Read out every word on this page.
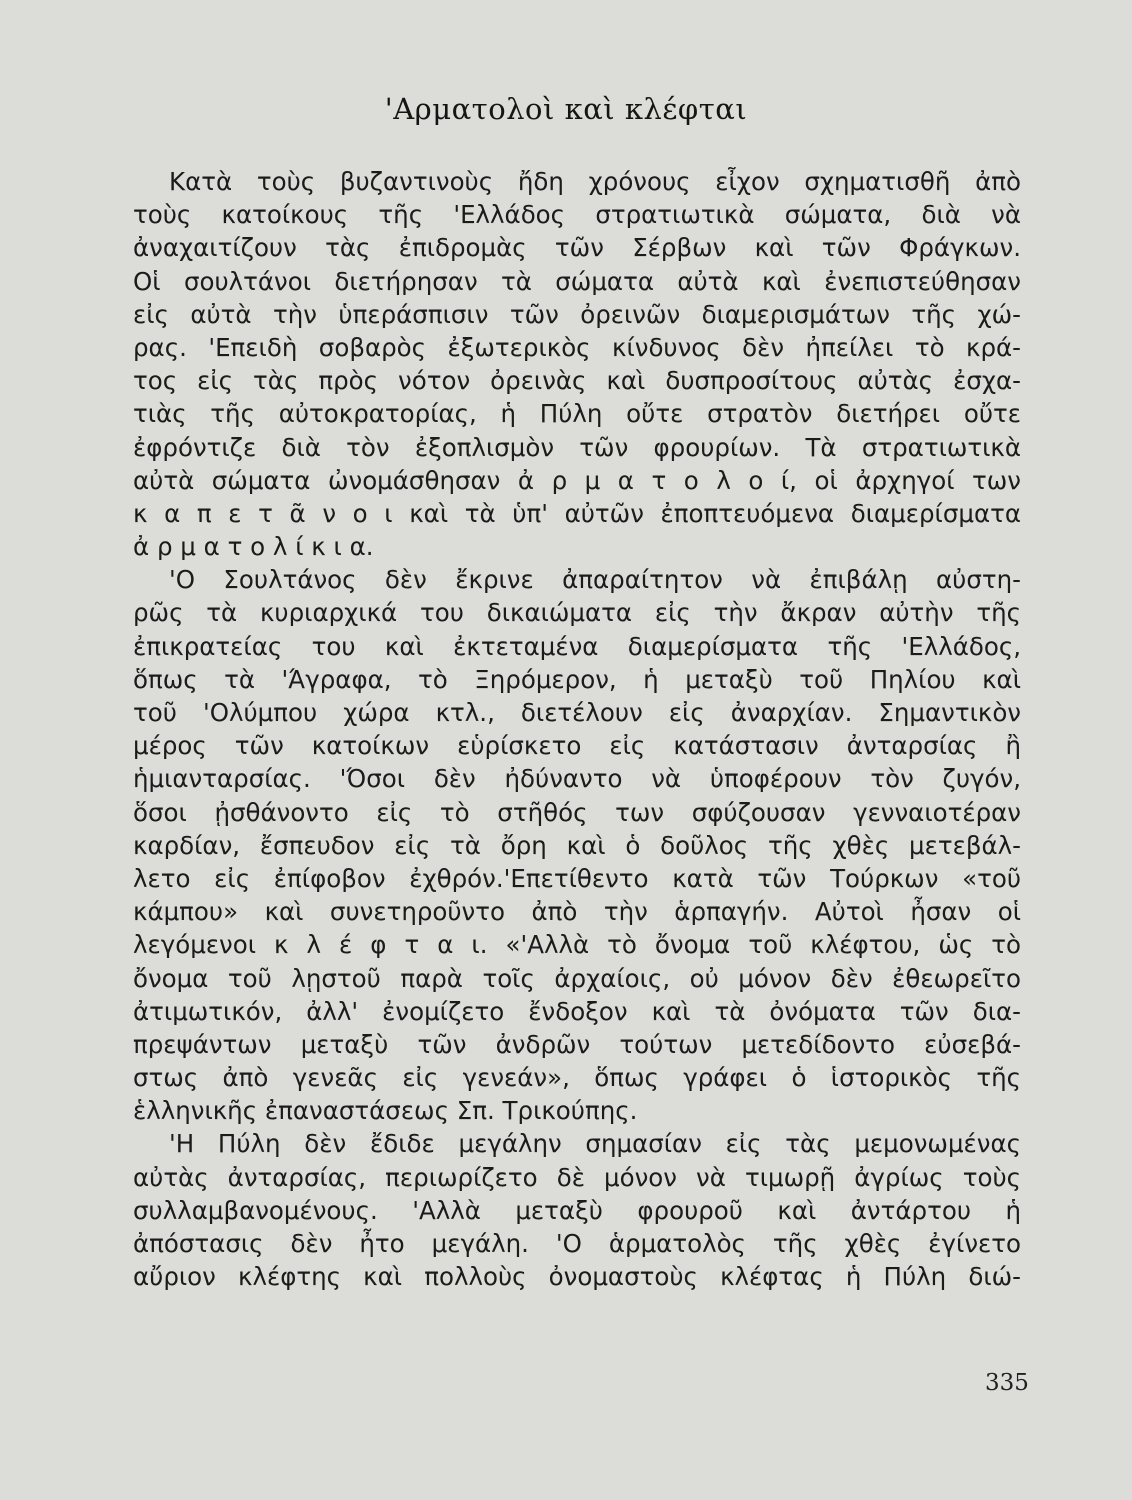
'Αρματολοὶ καὶ κλέφται
Κατὰ τοὺς βυζαντινοὺς ἤδη χρόνους εἶχον σχηματισθῆ ἀπὸ
τοὺς κατοίκους τῆς 'Ελλάδος στρατιωτικὰ σώματα, διὰ νὰ
ἀναχαιτίζουν τὰς ἐπιδρομὰς τῶν Σέρβων καὶ τῶν Φράγκων.
Οἱ σουλτάνοι διετήρησαν τὰ σώματα αὐτὰ καὶ ἐνεπιστεύθησαν
εἰς αὐτὰ τὴν ὑπεράσπισιν τῶν ὀρεινῶν διαμερισμάτων τῆς χώ-
ρας. 'Επειδὴ σοβαρὸς ἐξωτερικὸς κίνδυνος δὲν ἠπείλει τὸ κρά-
τος εἰς τὰς πρὸς νότον ὀρεινὰς καὶ δυσπροσίτους αὐτὰς ἐσχα-
τιὰς τῆς αὐτοκρατορίας, ἡ Πύλη οὔτε στρατὸν διετήρει οὔτε
ἐφρόντιζε διὰ τὸν ἐξοπλισμὸν τῶν φρουρίων. Τὰ στρατιωτικὰ
αὐτὰ σώματα ὠνομάσθησαν ἀ ρ μ α τ ο λ ο ί, οἱ ἀρχηγοί των
κ α π ε τ ᾶ ν ο ι καὶ τὰ ὑπ' αὐτῶν ἐποπτευόμενα διαμερίσματα
ἀ ρ μ α τ ο λ ί κ ι α.
'Ο Σουλτάνος δὲν ἔκρινε ἀπαραίτητον νὰ ἐπιβάλῃ αὐστη-
ρῶς τὰ κυριαρχικά του δικαιώματα εἰς τὴν ἄκραν αὐτὴν τῆς
ἐπικρατείας του καὶ ἐκτεταμένα διαμερίσματα τῆς 'Ελλάδος,
ὅπως τὰ 'Άγραφα, τὸ Ξηρόμερον, ἡ μεταξὺ τοῦ Πηλίου καὶ
τοῦ 'Ολύμπου χώρα κτλ., διετέλουν εἰς ἀναρχίαν. Σημαντικὸν
μέρος τῶν κατοίκων εὑρίσκετο εἰς κατάστασιν ἀνταρσίας ἢ
ἡμιανταρσίας. 'Όσοι δὲν ἠδύναντο νὰ ὑποφέρουν τὸν ζυγόν,
ὅσοι ᾐσθάνοντο εἰς τὸ στῆθός των σφύζουσαν γενναιοτέραν
καρδίαν, ἔσπευδον εἰς τὰ ὄρη καὶ ὁ δοῦλος τῆς χθὲς μετεβάλ-
λετο εἰς ἐπίφοβον ἐχθρόν.'Επετίθεντο κατὰ τῶν Τούρκων «τοῦ
κάμπου» καὶ συνετηροῦντο ἀπὸ τὴν ἁρπαγήν. Αὐτοὶ ἦσαν οἱ
λεγόμενοι κ λ έ φ τ α ι. «'Αλλὰ τὸ ὄνομα τοῦ κλέφτου, ὡς τὸ
ὄνομα τοῦ λῃστοῦ παρὰ τοῖς ἀρχαίοις, οὐ μόνον δὲν ἐθεωρεῖτο
ἀτιμωτικόν, ἀλλ' ἐνομίζετο ἔνδοξον καὶ τὰ ὀνόματα τῶν δια-
πρεψάντων μεταξὺ τῶν ἀνδρῶν τούτων μετεδίδοντο εὐσεβά-
στως ἀπὸ γενεᾶς εἰς γενεάν», ὅπως γράφει ὁ ἱστορικὸς τῆς
ἑλληνικῆς ἐπαναστάσεως Σπ. Τρικούπης.
'Η Πύλη δὲν ἔδιδε μεγάλην σημασίαν εἰς τὰς μεμονωμένας
αὐτὰς ἀνταρσίας, περιωρίζετο δὲ μόνον νὰ τιμωρῇ ἀγρίως τοὺς
συλλαμβανομένους. 'Αλλὰ μεταξὺ φρουροῦ καὶ ἀντάρτου ἡ
ἀπόστασις δὲν ἦτο μεγάλη. 'Ο ἁρματολὸς τῆς χθὲς ἐγίνετο
αὔριον κλέφτης καὶ πολλοὺς ὀνομαστοὺς κλέφτας ἡ Πύλη διώ-
335
